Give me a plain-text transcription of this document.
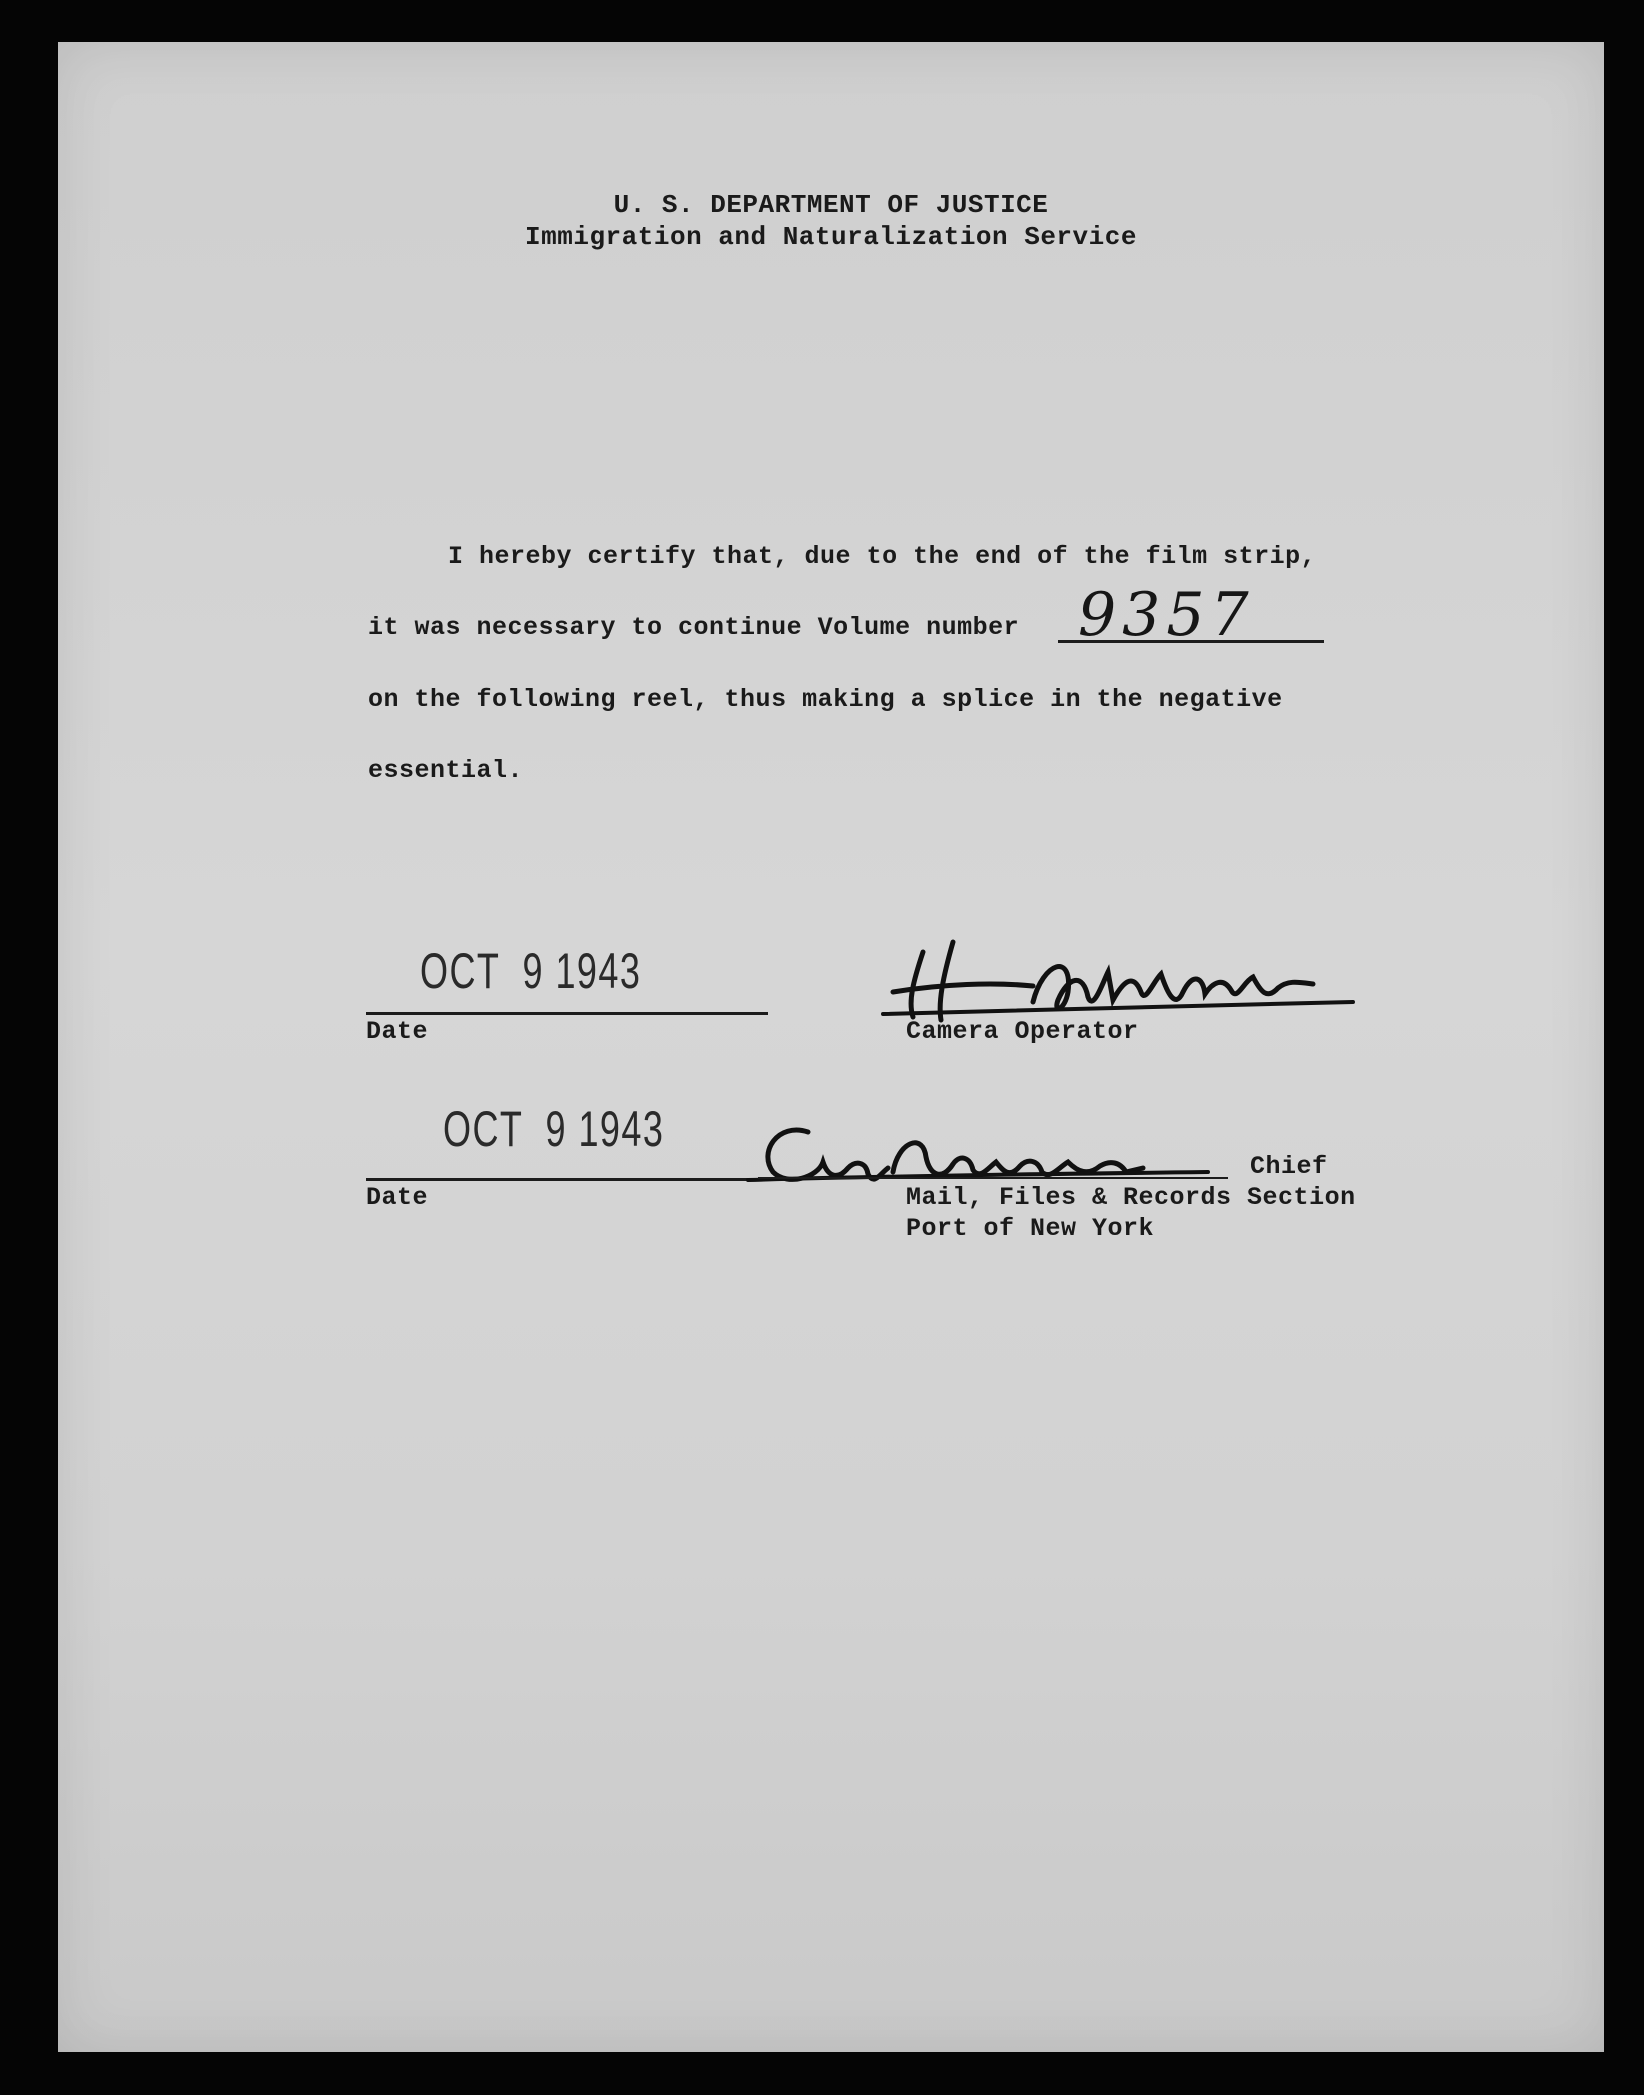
U. S. DEPARTMENT OF JUSTICE
Immigration and Naturalization Service
I hereby certify that, due to the end of the film strip,
it was necessary to continue Volume number 9357
on the following reel, thus making a splice in the negative
essential.
OCT  9 1943
Date	Camera Operator
OCT  9 1943
Date
Chief
Mail, Files & Records Section
Port of New York
